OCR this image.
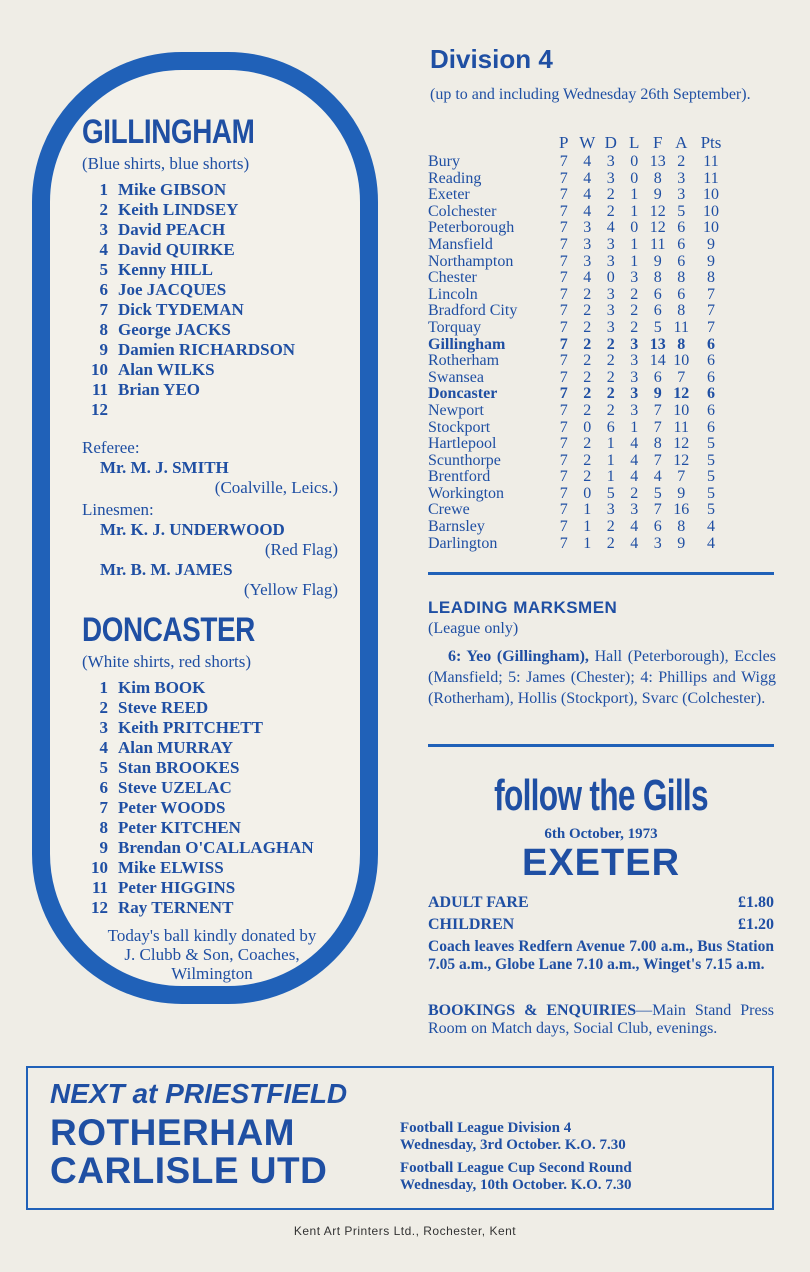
GILLINGHAM
(Blue shirts, blue shorts)
1 Mike GIBSON
2 Keith LINDSEY
3 David PEACH
4 David QUIRKE
5 Kenny HILL
6 Joe JACQUES
7 Dick TYDEMAN
8 George JACKS
9 Damien RICHARDSON
10 Alan WILKS
11 Brian YEO
12
Referee:
Mr. M. J. SMITH
(Coalville, Leics.)
Linesmen:
Mr. K. J. UNDERWOOD
(Red Flag)
Mr. B. M. JAMES
(Yellow Flag)
DONCASTER
(White shirts, red shorts)
1 Kim BOOK
2 Steve REED
3 Keith PRITCHETT
4 Alan MURRAY
5 Stan BROOKES
6 Steve UZELAC
7 Peter WOODS
8 Peter KITCHEN
9 Brendan O'CALLAGHAN
10 Mike ELWISS
11 Peter HIGGINS
12 Ray TERNENT
Today's ball kindly donated by
J. Clubb & Son, Coaches,
Wilmington
Division 4
(up to and including Wednesday 26th September).
	P	W	D	L	F	A	Pts
Bury	7	4	3	0	13	2	11
Reading	7	4	3	0	8	3	11
Exeter	7	4	2	1	9	3	10
Colchester	7	4	2	1	12	5	10
Peterborough	7	3	4	0	12	6	10
Mansfield	7	3	3	1	11	6	9
Northampton	7	3	3	1	9	6	9
Chester	7	4	0	3	8	8	8
Lincoln	7	2	3	2	6	6	7
Bradford City	7	2	3	2	6	8	7
Torquay	7	2	3	2	5	11	7
Gillingham	7	2	2	3	13	8	6
Rotherham	7	2	2	3	14	10	6
Swansea	7	2	2	3	6	7	6
Doncaster	7	2	2	3	9	12	6
Newport	7	2	2	3	7	10	6
Stockport	7	0	6	1	7	11	6
Hartlepool	7	2	1	4	8	12	5
Scunthorpe	7	2	1	4	7	12	5
Brentford	7	2	1	4	4	7	5
Workington	7	0	5	2	5	9	5
Crewe	7	1	3	3	7	16	5
Barnsley	7	1	2	4	6	8	4
Darlington	7	1	2	4	3	9	4
LEADING MARKSMEN
(League only)
6: Yeo (Gillingham), Hall (Peterborough), Eccles (Mansfield; 5: James (Chester); 4: Phillips and Wigg (Rotherham), Hollis (Stockport), Svarc (Colchester).
follow the Gills
6th October, 1973
EXETER
ADULT FARE	£1.80
CHILDREN	£1.20
Coach leaves Redfern Avenue 7.00 a.m., Bus Station 7.05 a.m., Globe Lane 7.10 a.m., Winget's 7.15 a.m.
BOOKINGS & ENQUIRIES—Main Stand Press Room on Match days, Social Club, evenings.
NEXT at PRIESTFIELD
ROTHERHAM
CARLISLE UTD
Football League Division 4
Wednesday, 3rd October. K.O. 7.30
Football League Cup Second Round
Wednesday, 10th October. K.O. 7.30
Kent Art Printers Ltd., Rochester, Kent
